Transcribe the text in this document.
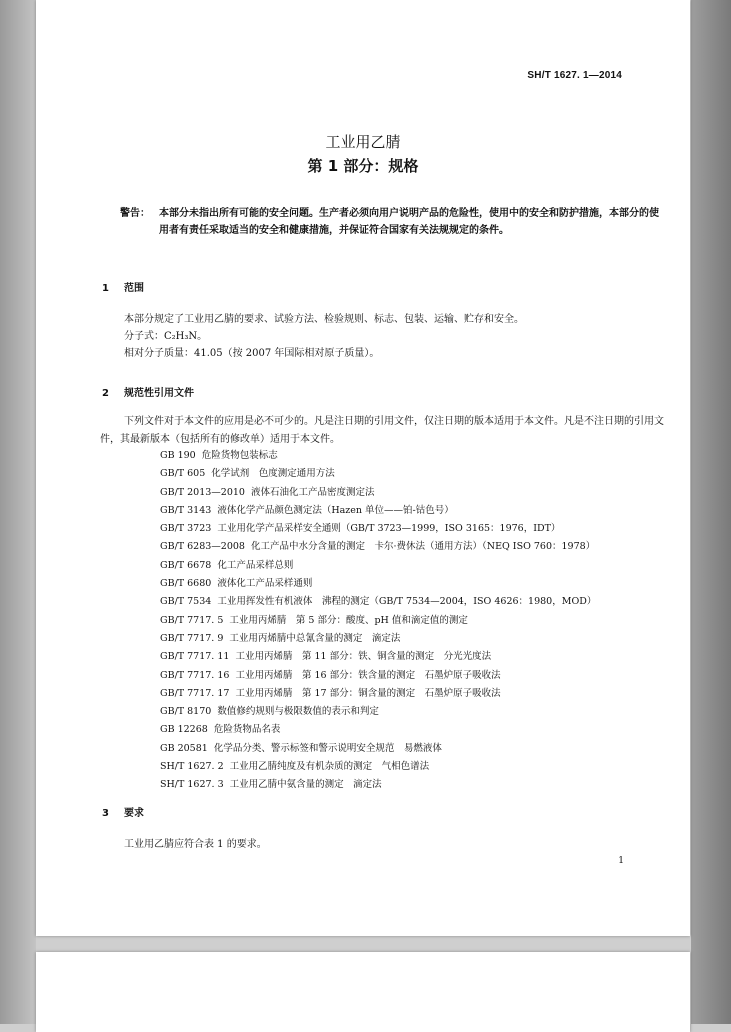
SH/T 1627. 1—2014
工业用乙腈
第 1 部分：规格
警告： 本部分未指出所有可能的安全问题。生产者必须向用户说明产品的危险性，使用中的安全和防护措施，本部分的使用者有责任采取适当的安全和健康措施，并保证符合国家有关法规规定的条件。
1 范围
本部分规定了工业用乙腈的要求、试验方法、检验规则、标志、包装、运输、贮存和安全。
分子式：C₂H₃N。
相对分子质量：41.05（按 2007 年国际相对原子质量）。
2 规范性引用文件
下列文件对于本文件的应用是必不可少的。凡是注日期的引用文件，仅注日期的版本适用于本文件。凡是不注日期的引用文件，其最新版本（包括所有的修改单）适用于本文件。
GB 190 危险货物包装标志
GB/T 605 化学试剂　色度测定通用方法
GB/T 2013—2010 液体石油化工产品密度测定法
GB/T 3143 液体化学产品颜色测定法（Hazen 单位——铂-钴色号）
GB/T 3723 工业用化学产品采样安全通则（GB/T 3723—1999，ISO 3165：1976，IDT）
GB/T 6283—2008 化工产品中水分含量的测定　卡尔·费休法（通用方法）（NEQ ISO 760：1978）
GB/T 6678 化工产品采样总则
GB/T 6680 液体化工产品采样通则
GB/T 7534 工业用挥发性有机液体　沸程的测定（GB/T 7534—2004，ISO 4626：1980，MOD）
GB/T 7717. 5 工业用丙烯腈　第 5 部分：酸度、pH 值和滴定值的测定
GB/T 7717. 9 工业用丙烯腈中总氰含量的测定　滴定法
GB/T 7717. 11 工业用丙烯腈　第 11 部分：铁、铜含量的测定　分光光度法
GB/T 7717. 16 工业用丙烯腈　第 16 部分：铁含量的测定　石墨炉原子吸收法
GB/T 7717. 17 工业用丙烯腈　第 17 部分：铜含量的测定　石墨炉原子吸收法
GB/T 8170 数值修约规则与极限数值的表示和判定
GB 12268 危险货物品名表
GB 20581 化学品分类、警示标签和警示说明安全规范　易燃液体
SH/T 1627. 2 工业用乙腈纯度及有机杂质的测定　气相色谱法
SH/T 1627. 3 工业用乙腈中氨含量的测定　滴定法
3 要求
工业用乙腈应符合表 1 的要求。
1
